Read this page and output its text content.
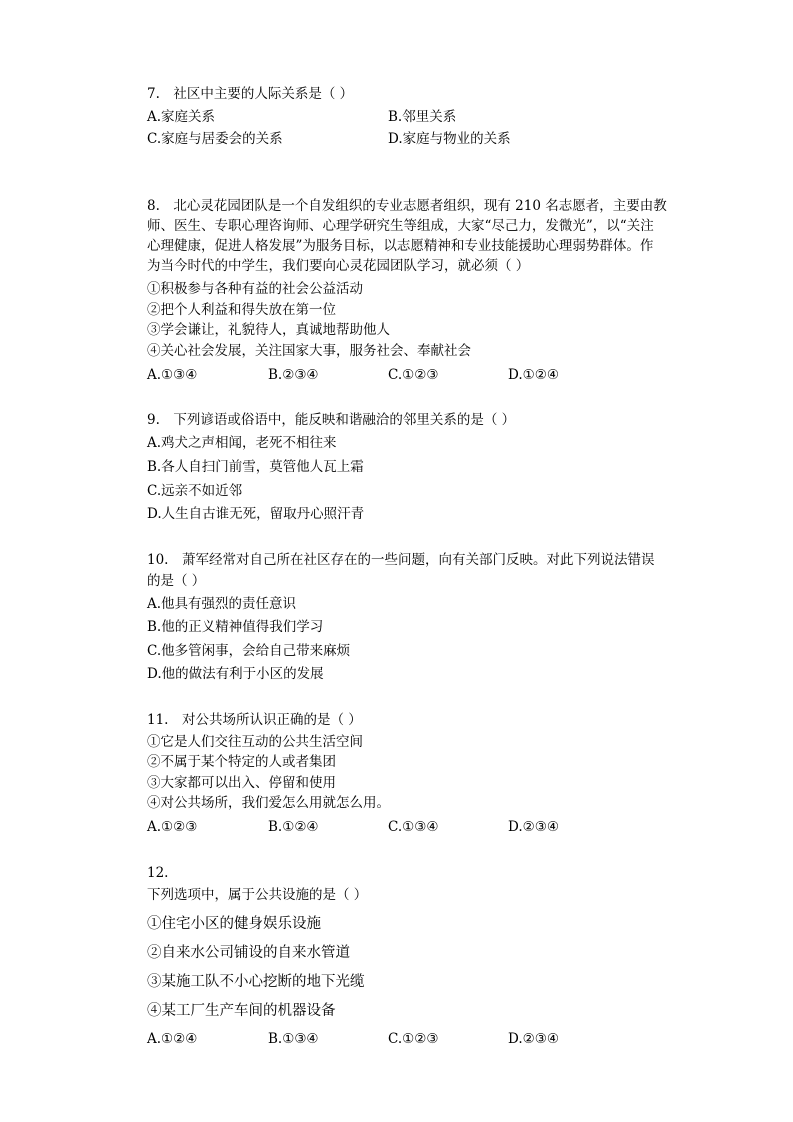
7.　社区中主要的人际关系是（ ）
A.家庭关系	B.邻里关系
C.家庭与居委会的关系	D.家庭与物业的关系
8.　北心灵花园团队是一个自发组织的专业志愿者组织，现有 210 名志愿者，主要由教
师、医生、专职心理咨询师、心理学研究生等组成，大家“尽己力，发微光”，以“关注
心理健康，促进人格发展”为服务目标，以志愿精神和专业技能援助心理弱势群体。作
为当今时代的中学生，我们要向心灵花园团队学习，就必须（ ）
①积极参与各种有益的社会公益活动
②把个人利益和得失放在第一位
③学会谦让，礼貌待人，真诚地帮助他人
④关心社会发展，关注国家大事，服务社会、奉献社会
A.①③④	B.②③④	C.①②③	D.①②④
9.　下列谚语或俗语中，能反映和谐融洽的邻里关系的是（ ）
A.鸡犬之声相闻，老死不相往来
B.各人自扫门前雪，莫管他人瓦上霜
C.远亲不如近邻
D.人生自古谁无死，留取丹心照汗青
10.　萧军经常对自己所在社区存在的一些问题，向有关部门反映。对此下列说法错误
的是（ ）
A.他具有强烈的责任意识
B.他的正义精神值得我们学习
C.他多管闲事，会给自己带来麻烦
D.他的做法有利于小区的发展
11.　对公共场所认识正确的是（ ）
①它是人们交往互动的公共生活空间
②不属于某个特定的人或者集团
③大家都可以出入、停留和使用
④对公共场所，我们爱怎么用就怎么用。
A.①②③	B.①②④	C.①③④	D.②③④
12.
下列选项中，属于公共设施的是（ ）
①住宅小区的健身娱乐设施
②自来水公司铺设的自来水管道
③某施工队不小心挖断的地下光缆
④某工厂生产车间的机器设备
A.①②④	B.①③④	C.①②③	D.②③④
